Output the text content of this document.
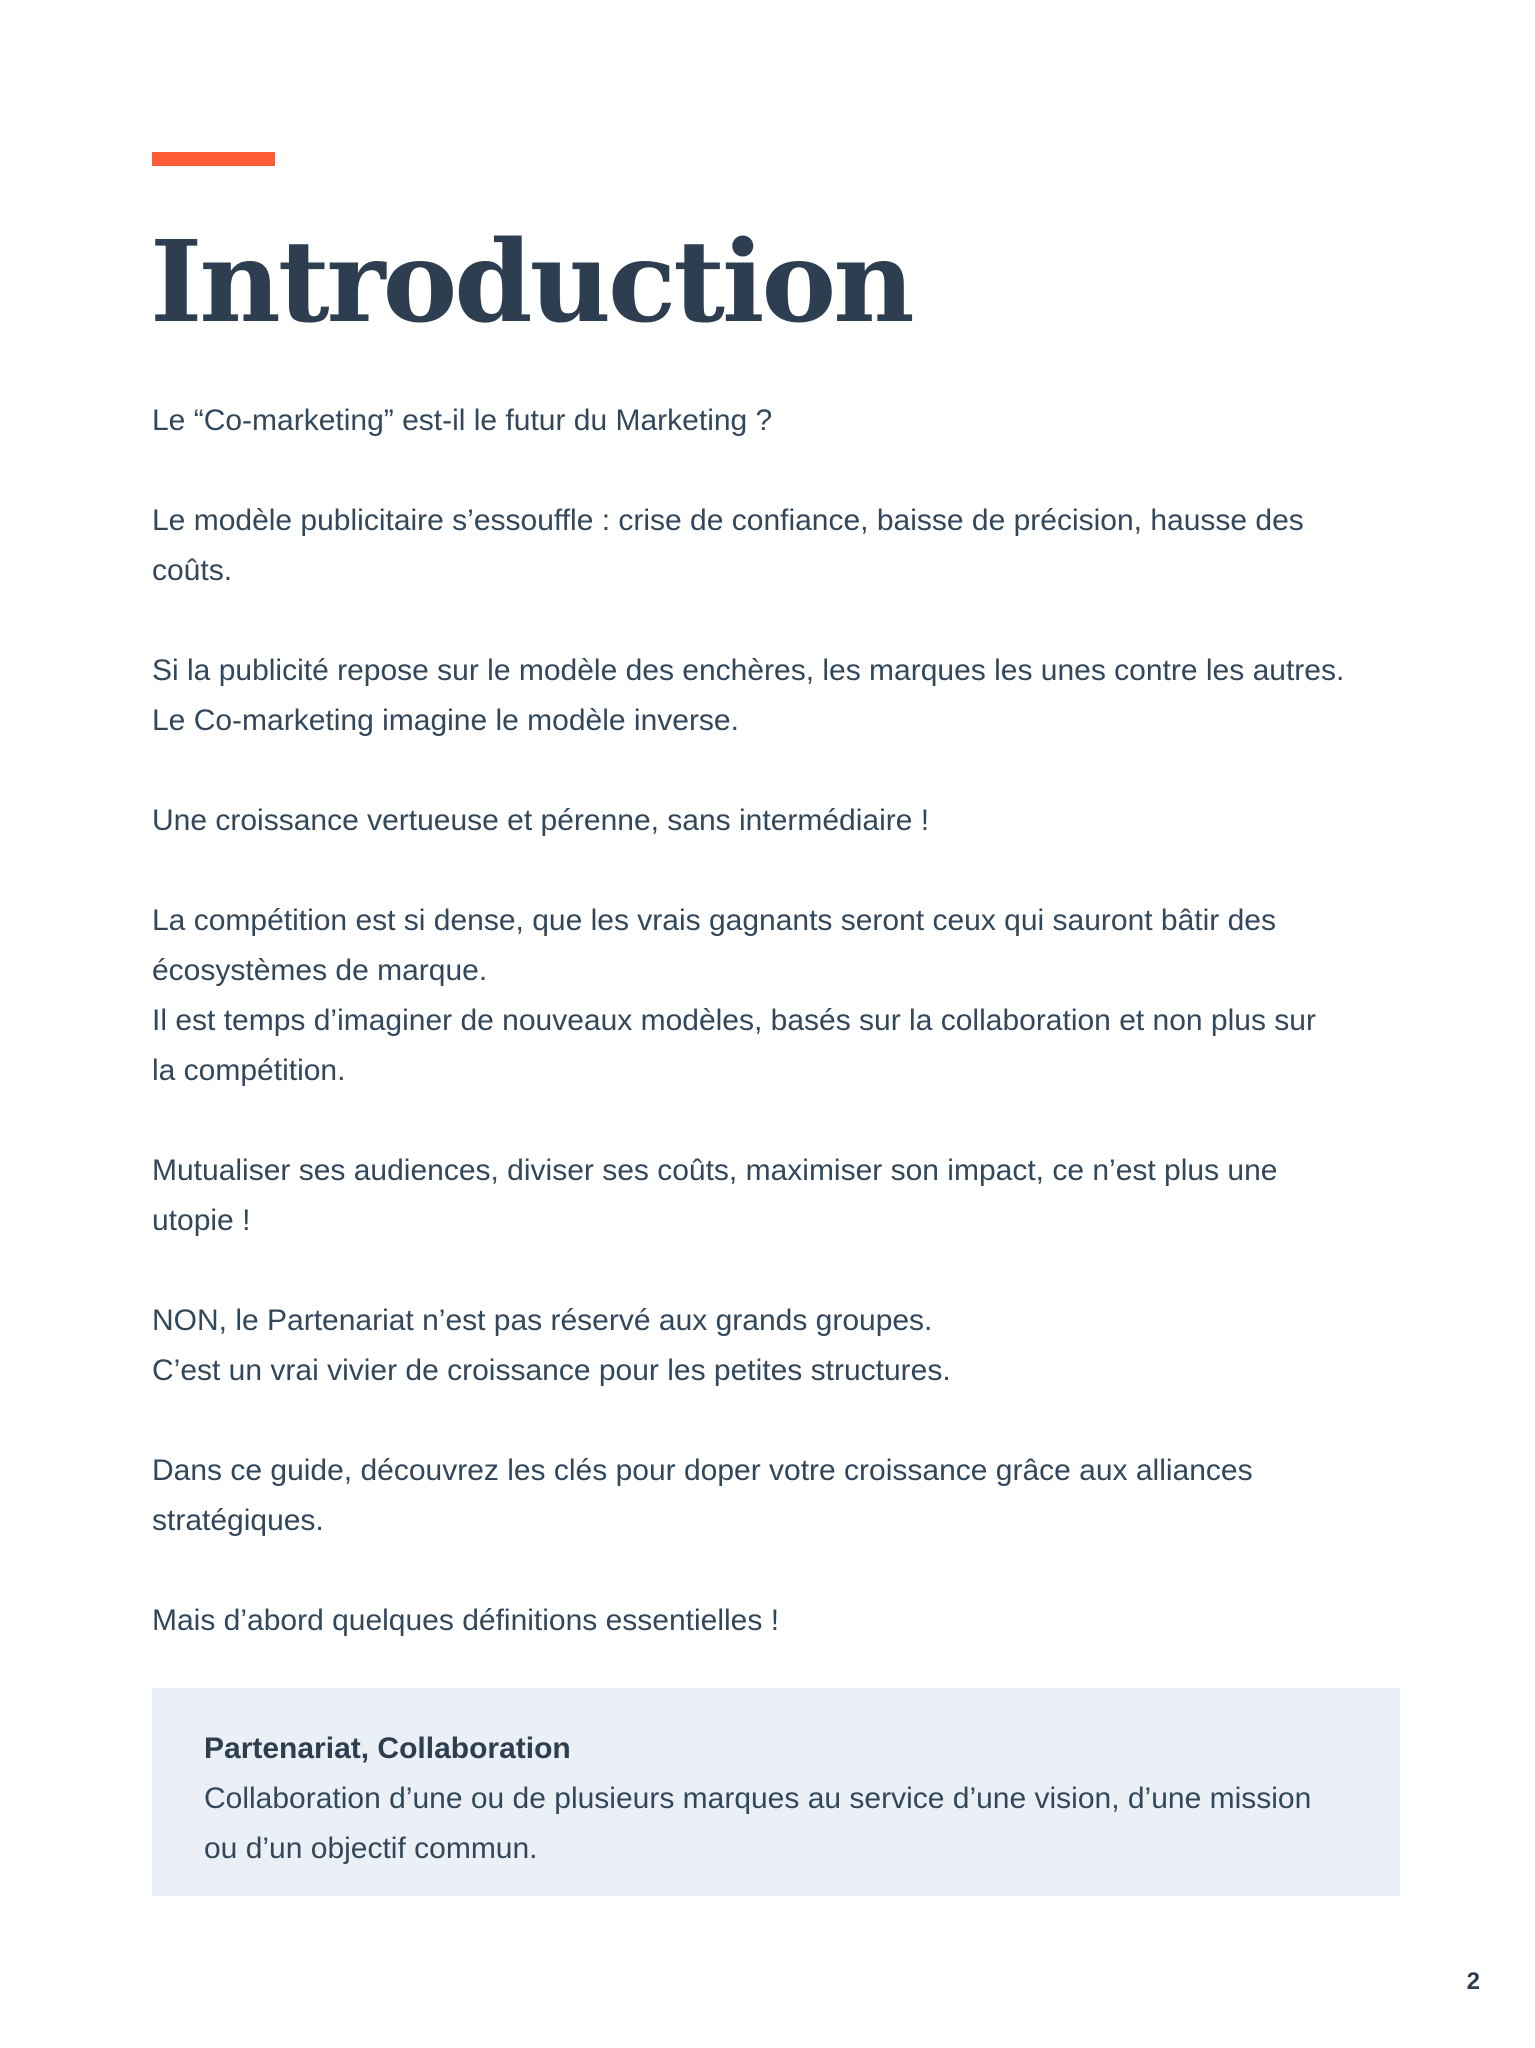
Introduction

Le “Co-marketing” est-il le futur du Marketing ?

Le modèle publicitaire s’essouffle : crise de confiance, baisse de précision, hausse des
coûts.

Si la publicité repose sur le modèle des enchères, les marques les unes contre les autres.
Le Co-marketing imagine le modèle inverse.

Une croissance vertueuse et pérenne, sans intermédiaire !

La compétition est si dense, que les vrais gagnants seront ceux qui sauront bâtir des
écosystèmes de marque.
Il est temps d’imaginer de nouveaux modèles, basés sur la collaboration et non plus sur
la compétition.

Mutualiser ses audiences, diviser ses coûts, maximiser son impact, ce n’est plus une
utopie !

NON, le Partenariat n’est pas réservé aux grands groupes.
C’est un vrai vivier de croissance pour les petites structures.

Dans ce guide, découvrez les clés pour doper votre croissance grâce aux alliances
stratégiques.

Mais d’abord quelques définitions essentielles !

Partenariat, Collaboration

Collaboration d’une ou de plusieurs marques au service d’une vision, d’une mission
ou d’un objectif commun.

2
